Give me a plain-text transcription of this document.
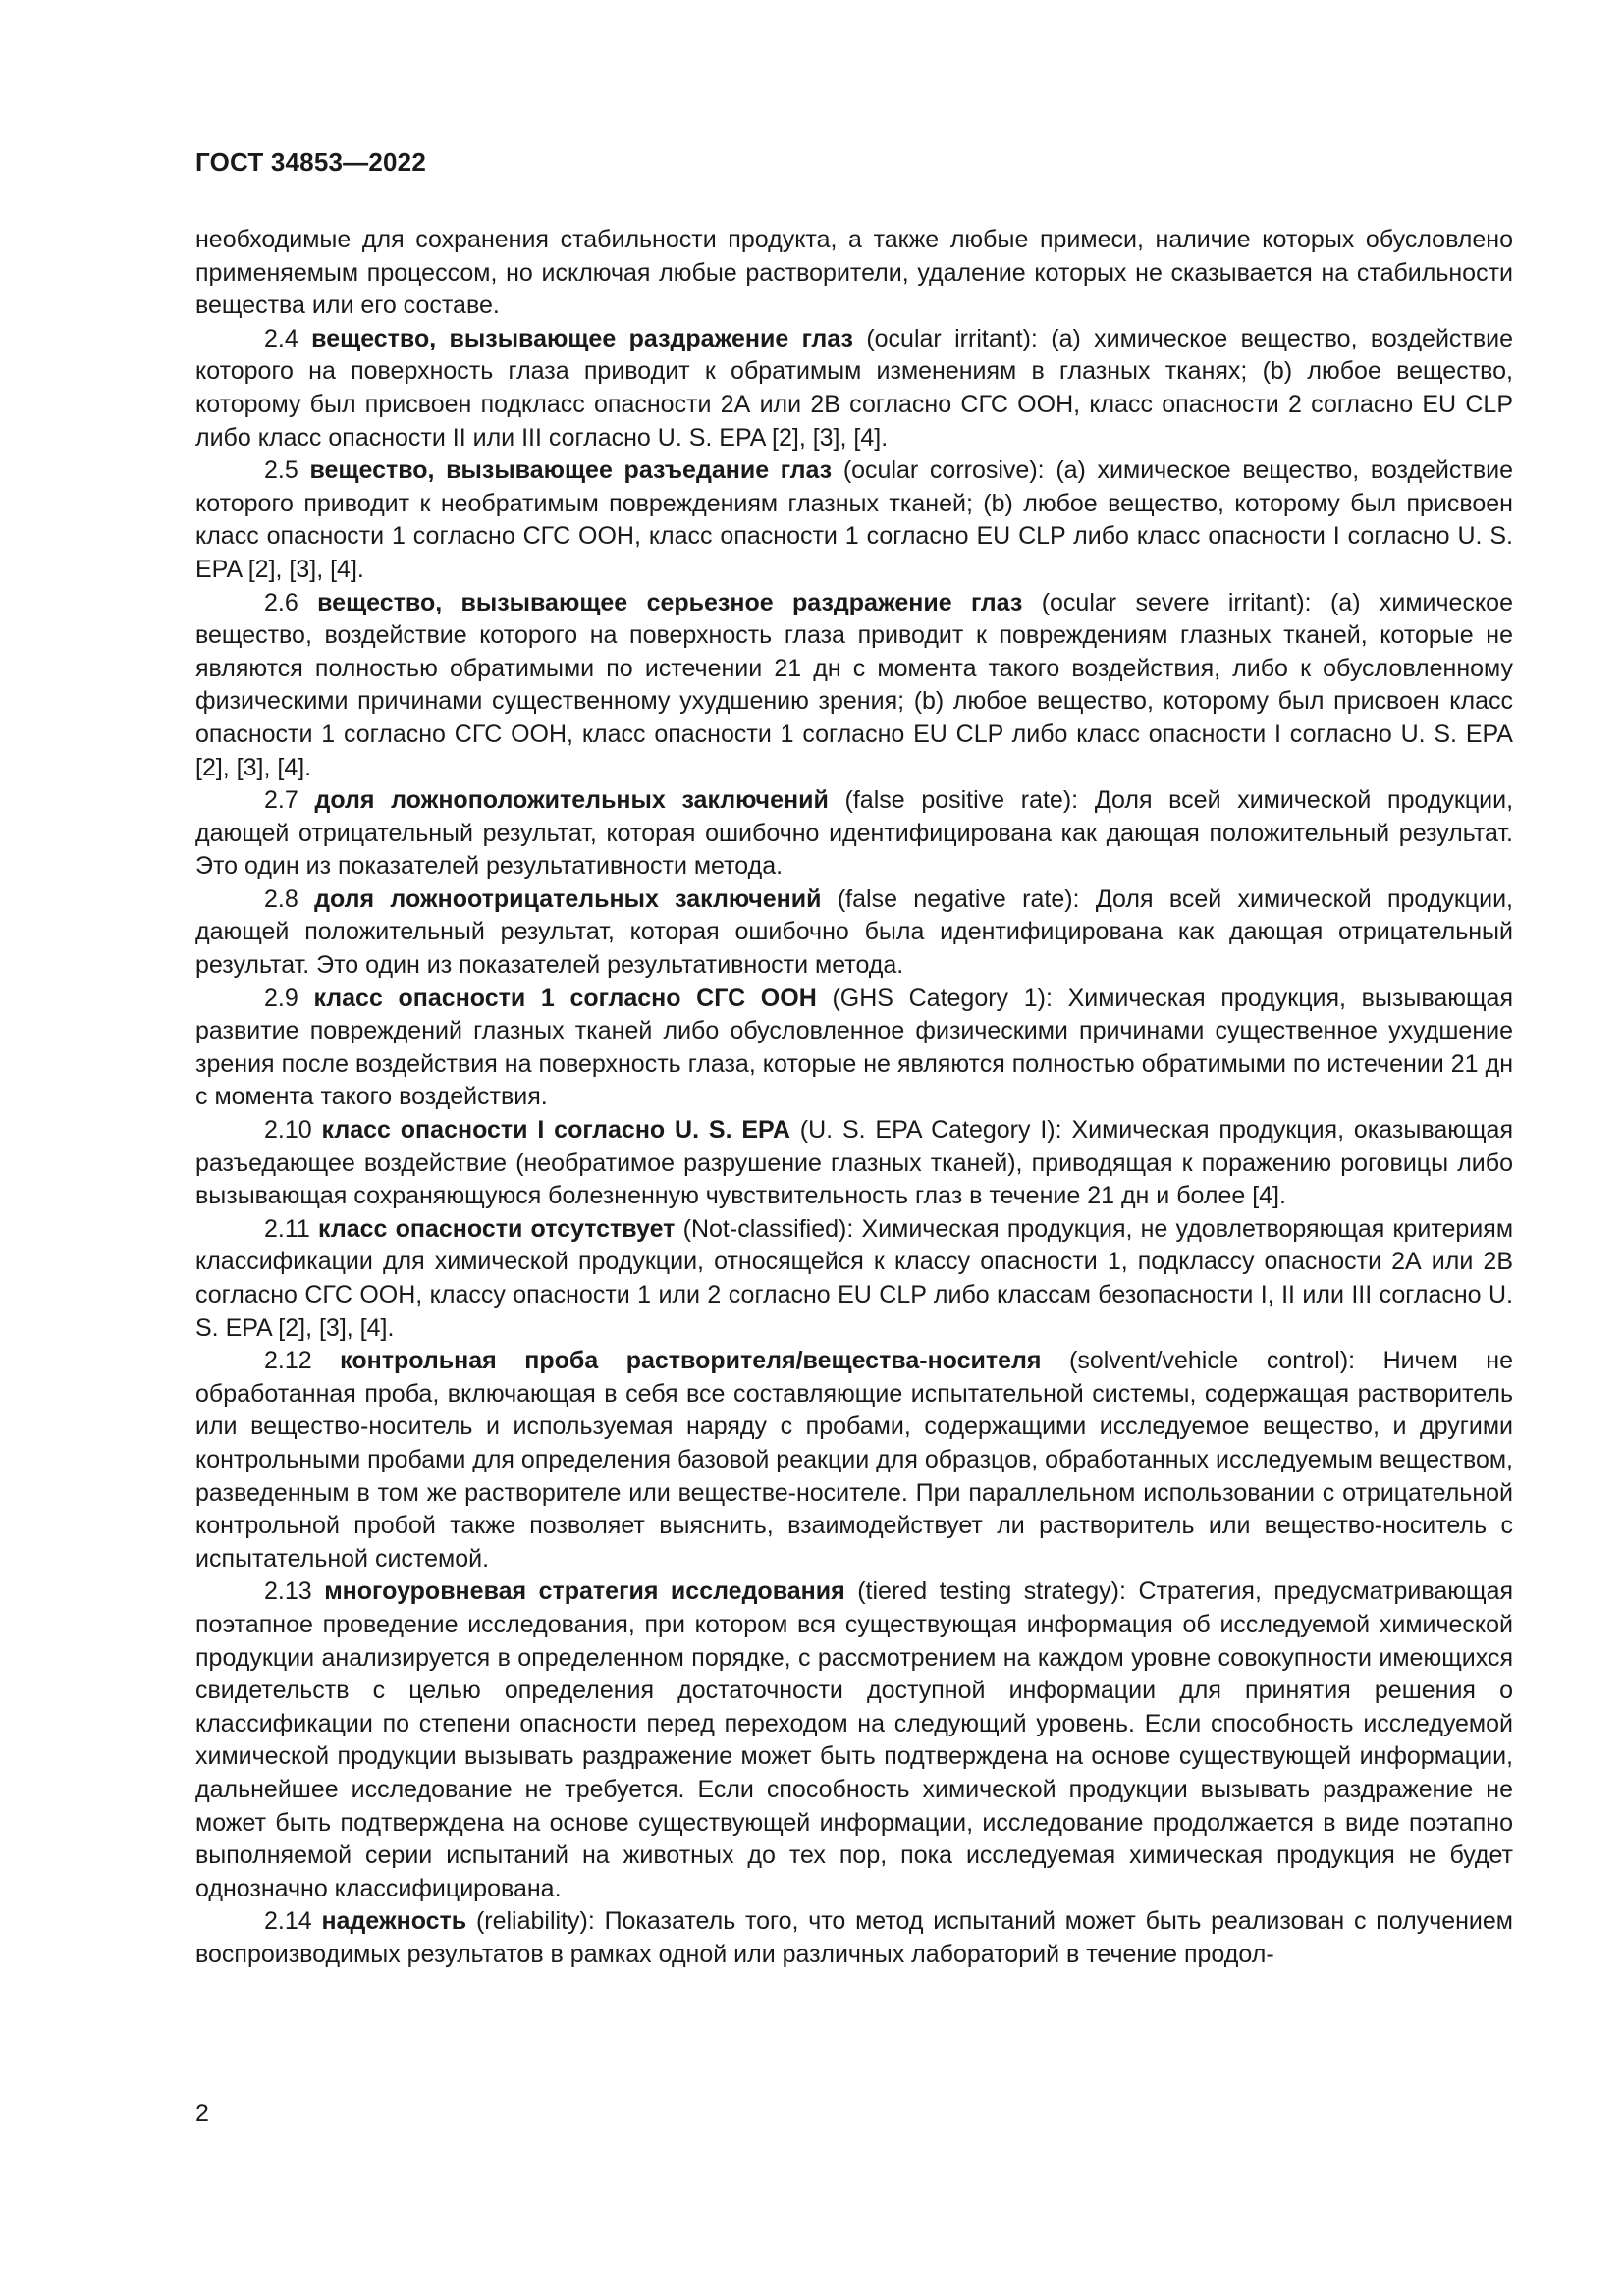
ГОСТ 34853—2022

необходимые для сохранения стабильности продукта, а также любые примеси, наличие которых обусловлено применяемым процессом, но исключая любые растворители, удаление которых не сказывается на стабильности вещества или его составе.

2.4 вещество, вызывающее раздражение глаз (ocular irritant): (a) химическое вещество, воздействие которого на поверхность глаза приводит к обратимым изменениям в глазных тканях; (b) любое вещество, которому был присвоен подкласс опасности 2А или 2В согласно СГС ООН, класс опасности 2 согласно EU CLP либо класс опасности II или III согласно U. S. EPA [2], [3], [4].

2.5 вещество, вызывающее разъедание глаз (ocular corrosive): (a) химическое вещество, воздействие которого приводит к необратимым повреждениям глазных тканей; (b) любое вещество, которому был присвоен класс опасности 1 согласно СГС ООН, класс опасности 1 согласно EU CLP либо класс опасности I согласно U. S. EPA [2], [3], [4].

2.6 вещество, вызывающее серьезное раздражение глаз (ocular severe irritant): (a) химическое вещество, воздействие которого на поверхность глаза приводит к повреждениям глазных тканей, которые не являются полностью обратимыми по истечении 21 дн с момента такого воздействия, либо к обусловленному физическими причинами существенному ухудшению зрения; (b) любое вещество, которому был присвоен класс опасности 1 согласно СГС ООН, класс опасности 1 согласно EU CLP либо класс опасности I согласно U. S. EPA [2], [3], [4].

2.7 доля ложноположительных заключений (false positive rate): Доля всей химической продукции, дающей отрицательный результат, которая ошибочно идентифицирована как дающая положительный результат. Это один из показателей результативности метода.

2.8 доля ложноотрицательных заключений (false negative rate): Доля всей химической продукции, дающей положительный результат, которая ошибочно была идентифицирована как дающая отрицательный результат. Это один из показателей результативности метода.

2.9 класс опасности 1 согласно СГС ООН (GHS Category 1): Химическая продукция, вызывающая развитие повреждений глазных тканей либо обусловленное физическими причинами существенное ухудшение зрения после воздействия на поверхность глаза, которые не являются полностью обратимыми по истечении 21 дн с момента такого воздействия.

2.10 класс опасности I согласно U. S. EPA (U. S. EPA Category I): Химическая продукция, оказывающая разъедающее воздействие (необратимое разрушение глазных тканей), приводящая к поражению роговицы либо вызывающая сохраняющуюся болезненную чувствительность глаз в течение 21 дн и более [4].

2.11 класс опасности отсутствует (Not-classified): Химическая продукция, не удовлетворяющая критериям классификации для химической продукции, относящейся к классу опасности 1, подклассу опасности 2А или 2В согласно СГС ООН, классу опасности 1 или 2 согласно EU CLP либо классам безопасности I, II или III согласно U. S. EPA [2], [3], [4].

2.12 контрольная проба растворителя/вещества-носителя (solvent/vehicle control): Ничем не обработанная проба, включающая в себя все составляющие испытательной системы, содержащая растворитель или вещество-носитель и используемая наряду с пробами, содержащими исследуемое вещество, и другими контрольными пробами для определения базовой реакции для образцов, обработанных исследуемым веществом, разведенным в том же растворителе или веществе-носителе. При параллельном использовании с отрицательной контрольной пробой также позволяет выяснить, взаимодействует ли растворитель или вещество-носитель с испытательной системой.

2.13 многоуровневая стратегия исследования (tiered testing strategy): Стратегия, предусматривающая поэтапное проведение исследования, при котором вся существующая информация об исследуемой химической продукции анализируется в определенном порядке, с рассмотрением на каждом уровне совокупности имеющихся свидетельств с целью определения достаточности доступной информации для принятия решения о классификации по степени опасности перед переходом на следующий уровень. Если способность исследуемой химической продукции вызывать раздражение может быть подтверждена на основе существующей информации, дальнейшее исследование не требуется. Если способность химической продукции вызывать раздражение не может быть подтверждена на основе существующей информации, исследование продолжается в виде поэтапно выполняемой серии испытаний на животных до тех пор, пока исследуемая химическая продукция не будет однозначно классифицирована.

2.14 надежность (reliability): Показатель того, что метод испытаний может быть реализован с получением воспроизводимых результатов в рамках одной или различных лабораторий в течение продол-

2
